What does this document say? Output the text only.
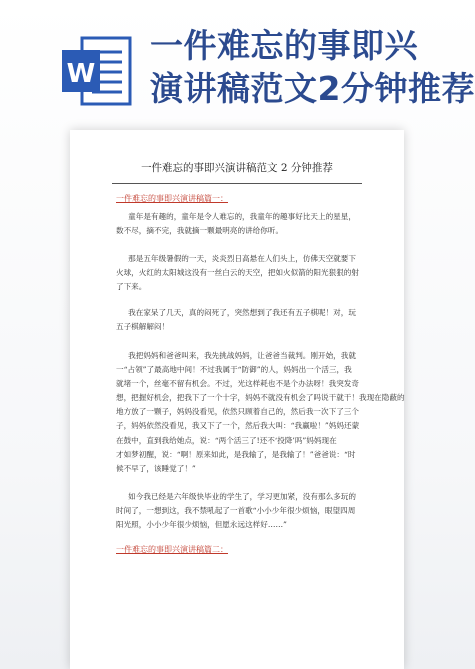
W
一件难忘的事即兴
演讲稿范文2分钟推荐
一件难忘的事即兴演讲稿范文 2 分钟推荐
一件难忘的事即兴演讲稿篇一：
童年是有趣的，童年是令人难忘的，我童年的趣事好比天上的星星，
数不尽，摘不完，我就摘一颗最明亮的讲给你听。
那是五年级暑假的一天，炎炎烈日高悬在人们头上，仿佛天空就要下
火球，火红的太阳城这没有一丝白云的天空，把如火似箭的阳光狠狠的射
了下来。
我在家呆了几天，真的闷死了，突然想到了我还有五子棋呢！对，玩
五子棋解解闷！
我把妈妈和爸爸叫来，我先挑战妈妈，让爸爸当裁判。刚开始，我就
一“占领”了最高地中间！不过我属于“防御”的人，妈妈出一个活三，我
就堵一个，丝毫不留有机会。不过，光这样耗也不是个办法呀！我突发奇
想，把握好机会，把我下了一个十字，妈妈不就没有机会了吗说干就干！我现在隐蔽的
地方放了一颗子，妈妈没看见，依然只顾着自己的，然后我一次下了三个
子，妈妈依然没看见，我又下了一个，然后我大叫：“我赢啦！”妈妈还蒙
在鼓中，直到我给她点，说：“两个活三了!还不‘投降’吗”妈妈现在
才如梦初醒，说：“啊！原来如此，是我输了，是我输了！”爸爸说：“时
候不早了，该睡觉了！”
如今我已经是六年级快毕业的学生了，学习更加紧，没有那么多玩的
时间了，一想到这，我不禁吼起了一首歌“小小少年很少烦恼，眼望四周
阳光照，小小少年很少烦恼，但愿永远这样好……”
一件难忘的事即兴演讲稿篇二：
